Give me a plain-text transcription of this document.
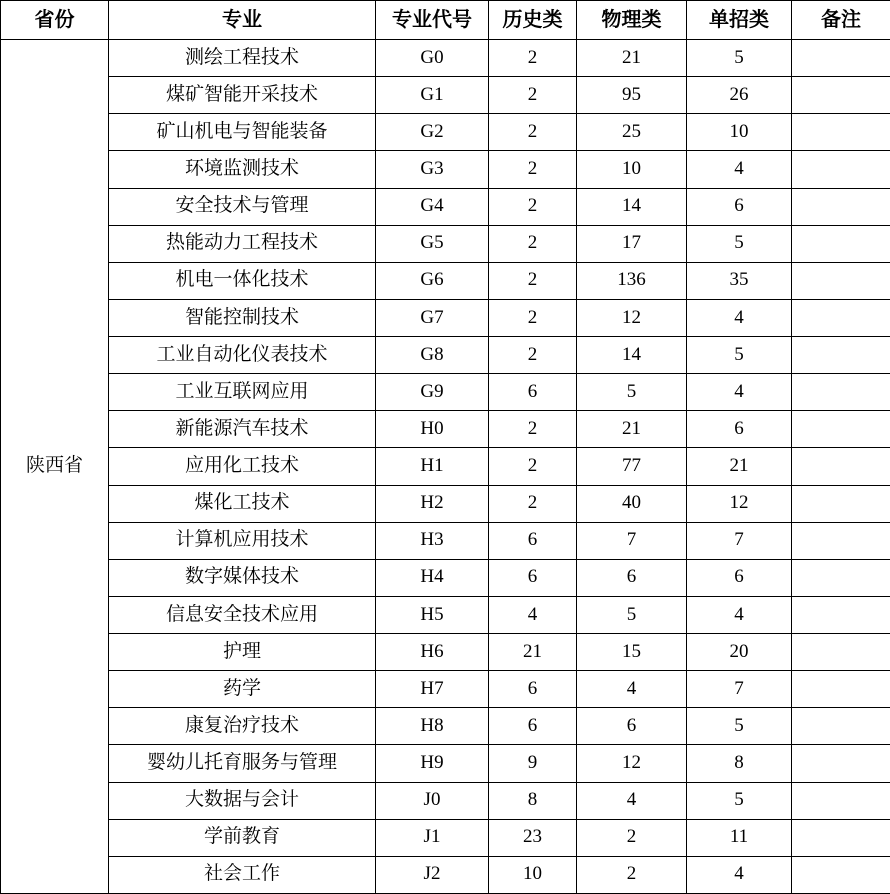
省份	专业	专业代号	历史类	物理类	单招类	备注
陕西省	测绘工程技术	G0	2	21	5	
	煤矿智能开采技术	G1	2	95	26	
	矿山机电与智能装备	G2	2	25	10	
	环境监测技术	G3	2	10	4	
	安全技术与管理	G4	2	14	6	
	热能动力工程技术	G5	2	17	5	
	机电一体化技术	G6	2	136	35	
	智能控制技术	G7	2	12	4	
	工业自动化仪表技术	G8	2	14	5	
	工业互联网应用	G9	6	5	4	
	新能源汽车技术	H0	2	21	6	
	应用化工技术	H1	2	77	21	
	煤化工技术	H2	2	40	12	
	计算机应用技术	H3	6	7	7	
	数字媒体技术	H4	6	6	6	
	信息安全技术应用	H5	4	5	4	
	护理	H6	21	15	20	
	药学	H7	6	4	7	
	康复治疗技术	H8	6	6	5	
	婴幼儿托育服务与管理	H9	9	12	8	
	大数据与会计	J0	8	4	5	
	学前教育	J1	23	2	11	
	社会工作	J2	10	2	4	
